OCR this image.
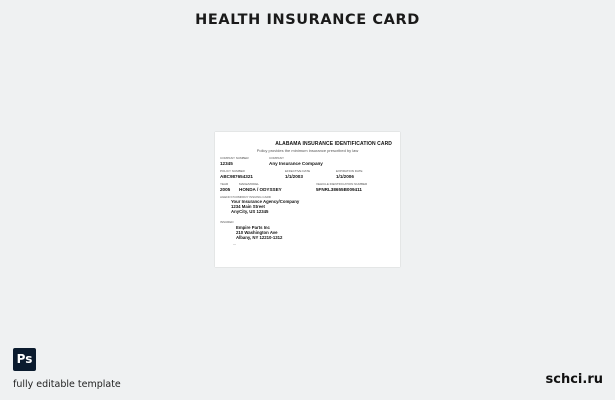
HEALTH INSURANCE CARD
ALABAMA INSURANCE IDENTIFICATION CARD
Policy provides the minimum insurance prescribed by law
COMPANY NUMBER
12345
COMPANY
Any Insurance Company
POLICY NUMBER
ABC987654321
EFFECTIVE DATE
1/1/2003
EXPIRATION DATE
1/1/2006
YEAR
2005
MAKE/MODEL
HONDA / ODYSSEY
VEHICLE IDENTIFICATION NUMBER
5FNRL38655B009411
AGENCY/COMPANY ISSUING CARD
Your Insurance Agency/Company
1234 Main Street
AnyCity, US 12345
INSURED
Empire Parts Inc
210 Washington Ave
Albany, NY 12210-1312
—
Ps
fully editable template	schci.ru
